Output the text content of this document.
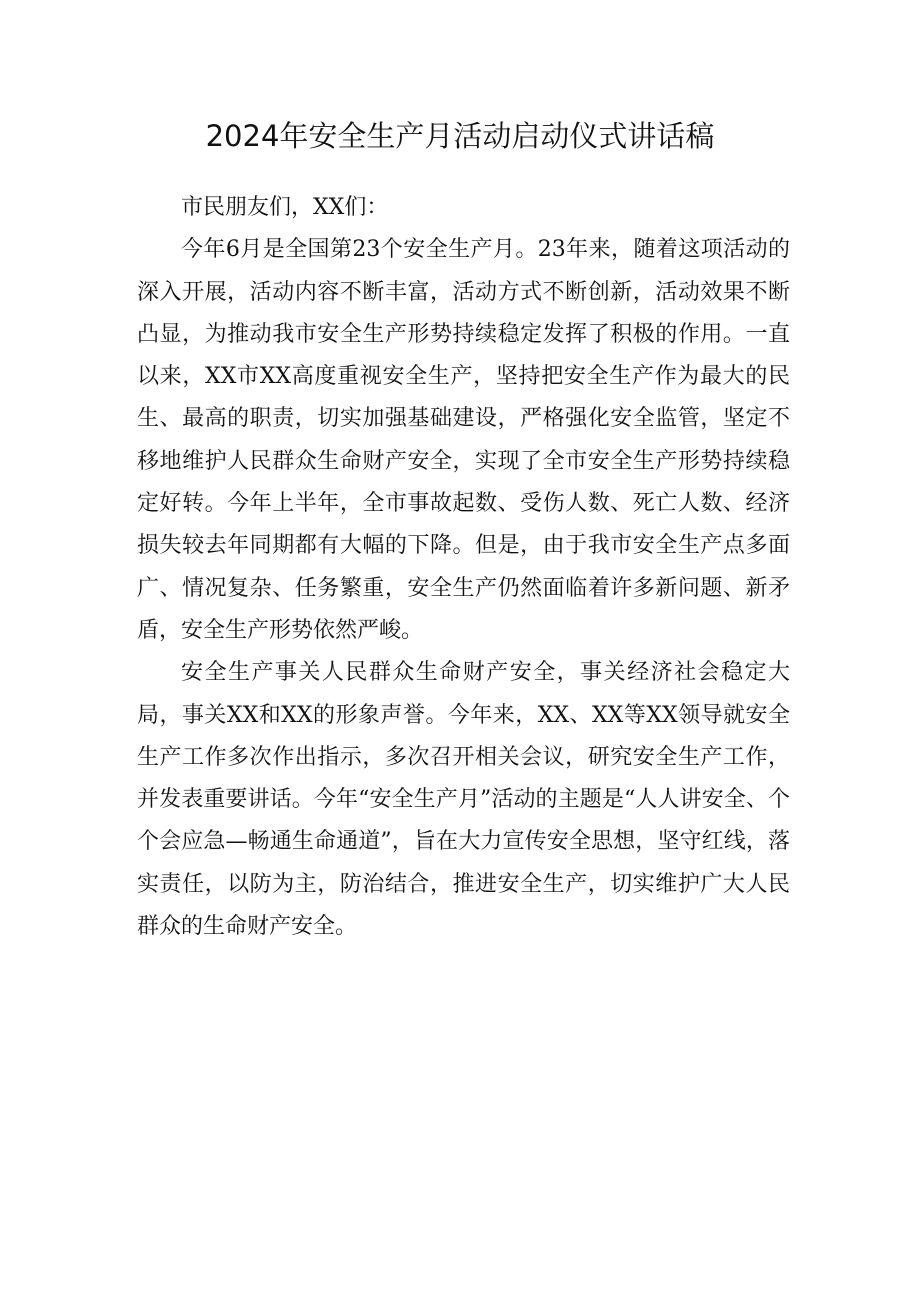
2024年安全生产月活动启动仪式讲话稿

市民朋友们，XX们：

今年6月是全国第23个安全生产月。23年来，随着这项活动的深入开展，活动内容不断丰富，活动方式不断创新，活动效果不断凸显，为推动我市安全生产形势持续稳定发挥了积极的作用。一直以来，XX市XX高度重视安全生产，坚持把安全生产作为最大的民生、最高的职责，切实加强基础建设，严格强化安全监管，坚定不移地维护人民群众生命财产安全，实现了全市安全生产形势持续稳定好转。今年上半年，全市事故起数、受伤人数、死亡人数、经济损失较去年同期都有大幅的下降。但是，由于我市安全生产点多面广、情况复杂、任务繁重，安全生产仍然面临着许多新问题、新矛盾，安全生产形势依然严峻。

安全生产事关人民群众生命财产安全，事关经济社会稳定大局，事关XX和XX的形象声誉。今年来，XX、XX等XX领导就安全生产工作多次作出指示，多次召开相关会议，研究安全生产工作，并发表重要讲话。今年“安全生产月”活动的主题是“人人讲安全、个个会应急—畅通生命通道”，旨在大力宣传安全思想，坚守红线，落实责任，以防为主，防治结合，推进安全生产，切实维护广大人民群众的生命财产安全。
